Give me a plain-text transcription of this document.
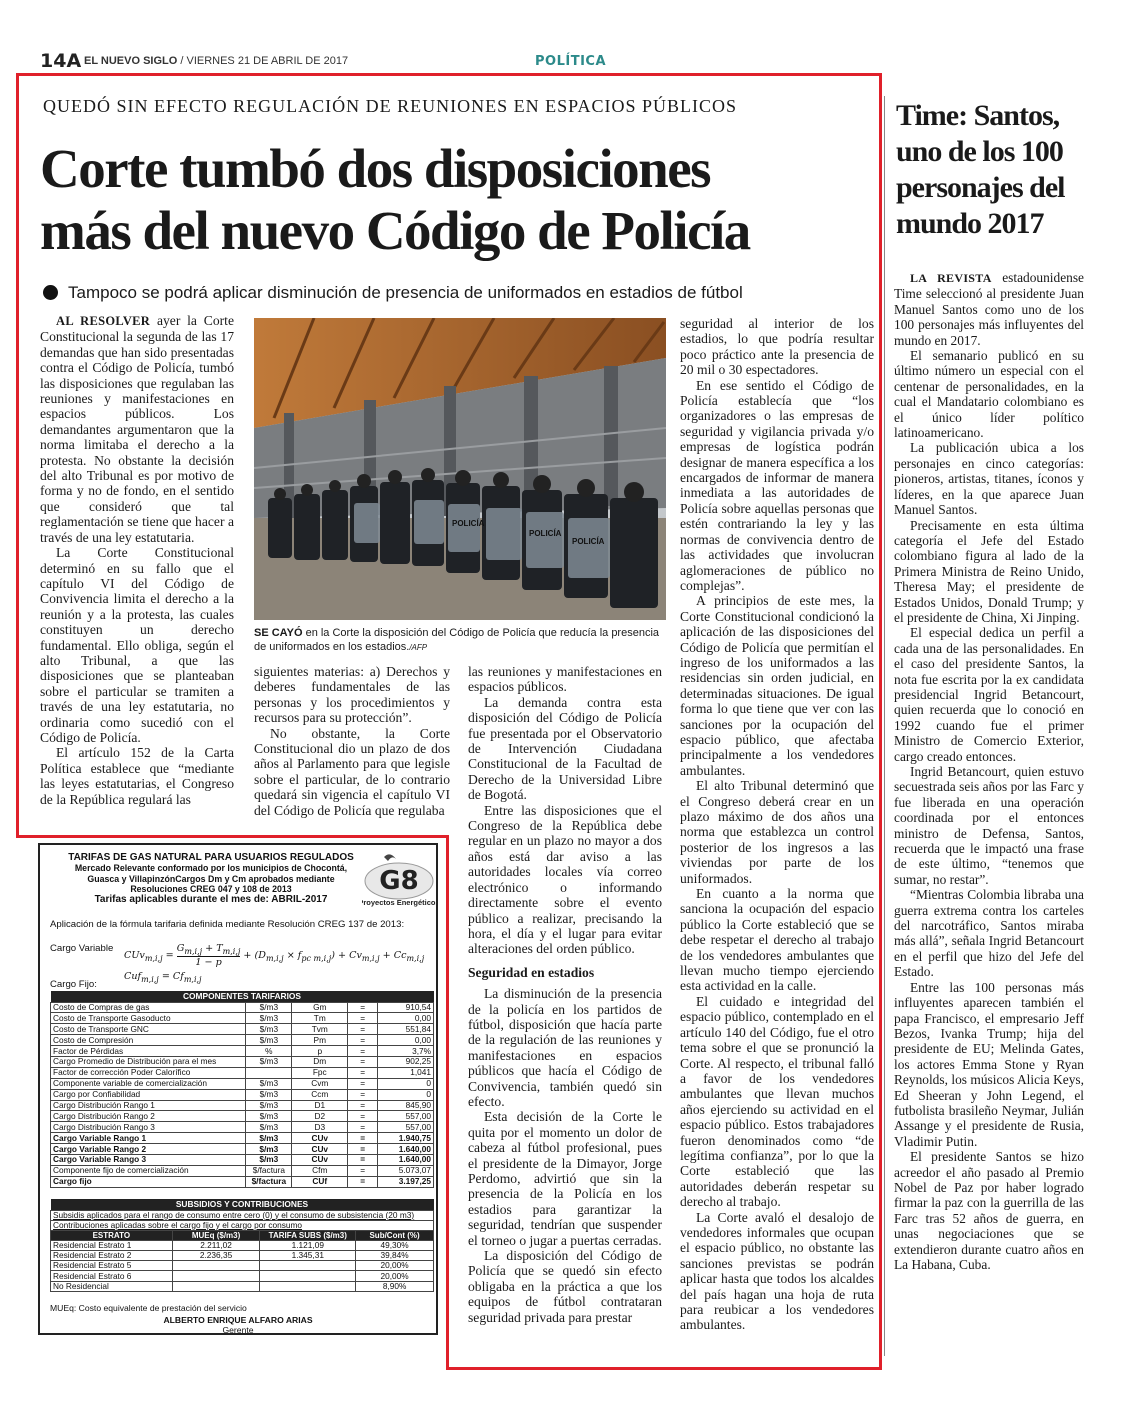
14A EL NUEVO SIGLO / VIERNES 21 DE ABRIL DE 2017	POLÍTICA
QUEDÓ SIN EFECTO REGULACIÓN DE REUNIONES EN ESPACIOS PÚBLICOS
Corte tumbó dos disposiciones
más del nuevo Código de Policía
Tampoco se podrá aplicar disminución de presencia de uniformados en estadios de fútbol

AL RESOLVER ayer la Corte Constitucional la segunda de las 17 demandas que han sido presentadas contra el Código de Policía, tumbó las disposiciones que regulaban las reuniones y manifestaciones en espacios públicos. Los demandantes argumentaron que la norma limitaba el derecho a la protesta. No obstante la decisión del alto Tribunal es por motivo de forma y no de fondo, en el sentido que consideró que tal reglamentación se tiene que hacer a través de una ley estatutaria.

La Corte Constitucional determinó en su fallo que el capítulo VI del Código de Convivencia limita el derecho a la reunión y a la protesta, las cuales constituyen un derecho fundamental. Ello obliga, según el alto Tribunal, a que las disposiciones que se planteaban sobre el particular se tramiten a través de una ley estatutaria, no ordinaria como sucedió con el Código de Policía.

El artículo 152 de la Carta Política establece que “mediante las leyes estatutarias, el Congreso de la República regulará las

POLICÍA
POLICÍA
POLICÍA
SE CAYÓ en la Corte la disposición del Código de Policía que reducía la presencia de uniformados en los estadios./AFP

siguientes materias: a) Derechos y deberes fundamentales de las personas y los procedimientos y recursos para su protección”.

No obstante, la Corte Constitucional dio un plazo de dos años al Parlamento para que legisle sobre el particular, de lo contrario quedará sin vigencia el capítulo VI del Código de Policía que regulaba

las reuniones y manifestaciones en espacios públicos.

La demanda contra esta disposición del Código de Policía fue presentada por el Observatorio de Intervención Ciudadana Constitucional de la Facultad de Derecho de la Universidad Libre de Bogotá.

Entre las disposiciones que el Congreso de la República debe regular en un plazo no mayor a dos años está dar aviso a las autoridades locales vía correo electrónico o informando directamente sobre el evento público a realizar, precisando la hora, el día y el lugar para evitar alteraciones del orden público.

Seguridad en estadios

La disminución de la presencia de la policía en los partidos de fútbol, disposición que hacía parte de la regulación de las reuniones y manifestaciones en espacios públicos que hacía el Código de Convivencia, también quedó sin efecto.

Esta decisión de la Corte le quita por el momento un dolor de cabeza al fútbol profesional, pues el presidente de la Dimayor, Jorge Perdomo, advirtió que sin la presencia de la Policía en los estadios para garantizar la seguridad, tendrían que suspender el torneo o jugar a puertas cerradas.

La disposición del Código de Policía que se quedó sin efecto obligaba en la práctica a que los equipos de fútbol contrataran seguridad privada para prestar

seguridad al interior de los estadios, lo que podría resultar poco práctico ante la presencia de 20 mil o 30 espectadores.

En ese sentido el Código de Policía establecía que “los organizadores o las empresas de seguridad y vigilancia privada y/o empresas de logística podrán designar de manera específica a los encargados de informar de manera inmediata a las autoridades de Policía sobre aquellas personas que estén contrariando la ley y las normas de convivencia dentro de las actividades que involucran aglomeraciones de público no complejas”.

A principios de este mes, la Corte Constitucional condicionó la aplicación de las disposiciones del Código de Policía que permitían el ingreso de los uniformados a las residencias sin orden judicial, en determinadas situaciones. De igual forma lo que tiene que ver con las sanciones por la ocupación del espacio público, que afectaba principalmente a los vendedores ambulantes.

El alto Tribunal determinó que el Congreso deberá crear en un plazo máximo de dos años una norma que establezca un control posterior de los ingresos a las viviendas por parte de los uniformados.

En cuanto a la norma que sanciona la ocupación del espacio público la Corte estableció que se debe respetar el derecho al trabajo de los vendedores ambulantes que llevan mucho tiempo ejerciendo esta actividad en la calle.

El cuidado e integridad del espacio público, contemplado en el artículo 140 del Código, fue el otro tema sobre el que se pronunció la Corte. Al respecto, el tribunal falló a favor de los vendedores ambulantes que llevan muchos años ejerciendo su actividad en el espacio público. Estos trabajadores fueron denominados como “de legítima confianza”, por lo que la Corte estableció que las autoridades deberán respetar su derecho al trabajo.

La Corte avaló el desalojo de vendedores informales que ocupan el espacio público, no obstante las sanciones previstas se podrán aplicar hasta que todos los alcaldes del país hagan una hoja de ruta para reubicar a los vendedores ambulantes.

Time: Santos, uno de los 100 personajes del mundo 2017

LA REVISTA estadounidense Time seleccionó al presidente Juan Manuel Santos como uno de los 100 personajes más influyentes del mundo en 2017.

El semanario publicó en su último número un especial con el centenar de personalidades, en la cual el Mandatario colombiano es el único líder político latinoamericano.

La publicación ubica a los personajes en cinco categorías: pioneros, artistas, titanes, íconos y líderes, en la que aparece Juan Manuel Santos.

Precisamente en esta última categoría el Jefe del Estado colombiano figura al lado de la Primera Ministra de Reino Unido, Theresa May; el presidente de Estados Unidos, Donald Trump; y el presidente de China, Xi Jinping.

El especial dedica un perfil a cada una de las personalidades. En el caso del presidente Santos, la nota fue escrita por la ex candidata presidencial Ingrid Betancourt, quien recuerda que lo conoció en 1992 cuando fue el primer Ministro de Comercio Exterior, cargo creado entonces.

Ingrid Betancourt, quien estuvo secuestrada seis años por las Farc y fue liberada en una operación coordinada por el entonces ministro de Defensa, Santos, recuerda que le impactó una frase de este último, “tenemos que sumar, no restar”.

“Mientras Colombia libraba una guerra extrema contra los carteles del narcotráfico, Santos miraba más allá”, señala Ingrid Betancourt en el perfil que hizo del Jefe del Estado.

Entre las 100 personas más influyentes aparecen también el papa Francisco, el empresario Jeff Bezos, Ivanka Trump; hija del presidente de EU; Melinda Gates, los actores Emma Stone y Ryan Reynolds, los músicos Alicia Keys, Ed Sheeran y John Legend, el futbolista brasileño Neymar, Julián Assange y el presidente de Rusia, Vladimir Putin.

El presidente Santos se hizo acreedor el año pasado al Premio Nobel de Paz por haber logrado firmar la paz con la guerrilla de las Farc tras 52 años de guerra, en unas negociaciones que se extendieron durante cuatro años en La Habana, Cuba.

TARIFAS DE GAS NATURAL PARA USUARIOS REGULADOS
Mercado Relevante conformado por los municipios de Chocontá,
Guasca y VillapinzónCargos Dm y Cm aprobados mediante
Resoluciones CREG 047 y 108 de 2013
Tarifas aplicables durante el mes de: ABRIL-2017
G8
Proyectos Energéticos
Aplicación de la fórmula tarifaria definida mediante Resolución CREG 137 de 2013:
Cargo Variable
$CUv_{m,i,j} = \frac{G_{m,i,j} + T_{m,i,j}}{1 - p} + (D_{m,i,j} \times f_{pc m,i,j}) + Cv_{m,i,j} + Cc_{m,i,j}$
Cargo Fijo:
$Cuf_{m,i,j} = Cf_{m,i,j}$
COMPONENTES TARIFARIOS				
Costo de Compras de gas	$/m3	Gm	=	910,54
Costo de Transporte Gasoducto	$/m3	Tm	=	0,00
Costo de Transporte GNC	$/m3	Tvm	=	551,84
Costo de Compresión	$/m3	Pm	=	0,00
Factor de Pérdidas	%	p	=	3,7%
Cargo Promedio de Distribución para el mes	$/m3	Dm	=	902,25
Factor de corrección Poder Calorífico		Fpc	=	1,041
Componente variable de comercialización	$/m3	Cvm	=	0
Cargo por Confiabilidad	$/m3	Ccm	=	0
Cargo Distribución Rango 1	$/m3	D1	=	845,90
Cargo Distribución Rango 2	$/m3	D2	=	557,00
Cargo Distribución Rango 3	$/m3	D3	=	557,00
Cargo Variable Rango 1	$/m3	CUv	=	1.940,75
Cargo Variable Rango 2	$/m3	CUv	=	1.640,00
Cargo Variable Rango 3	$/m3	CUv	=	1.640,00
Componente fijo de comercialización	$/factura	Cfm	=	5.073,07
Cargo fijo	$/factura	CUf	=	3.197,25
SUBSIDIOS Y CONTRIBUCIONES			
Subsidis aplicados para el rango de consumo entre cero (0) y el consumo de subsistencia (20 m3)			
Contribuciones aplicadas sobre el cargo fijo y el cargo por consumo			
ESTRATO	MUEq ($/m3)	TARIFA SUBS ($/m3)	Sub/Cont (%)
Residencial Estrato 1	2.211,02	1.121,09	49,30%
Residencial Estrato 2	2.236,35	1.345,31	39,84%
Residencial Estrato 5			20,00%
Residencial Estrato 6			20,00%
No Residencial			8,90%
MUEq: Costo equivalente de prestación del servicio
ALBERTO ENRIQUE ALFARO ARIAS
Gerente
